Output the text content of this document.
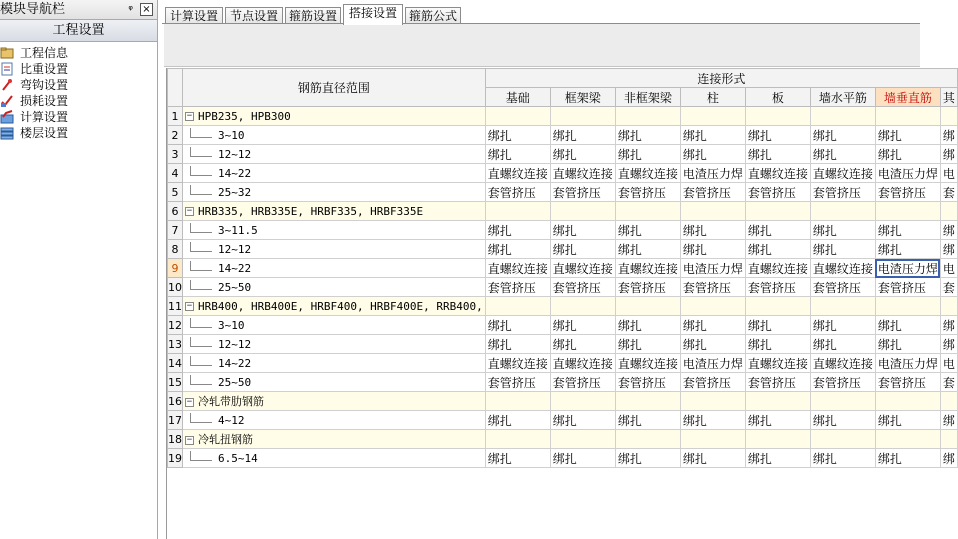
模块导航栏	ᵠ ×
工程设置
工程信息
比重设置
弯钩设置
损耗设置
计算设置
楼层设置
计算设置 节点设置 箍筋设置 搭接设置 箍筋公式
	钢筋直径范围	连接形式							
		基础	框架梁	非框架梁	柱	板	墙水平筋	墙垂直筋	其
1	− HPB235, HPB300								
2	3~10	绑扎	绑扎	绑扎	绑扎	绑扎	绑扎	绑扎	绑
3	12~12	绑扎	绑扎	绑扎	绑扎	绑扎	绑扎	绑扎	绑
4	14~22	直螺纹连接	直螺纹连接	直螺纹连接	电渣压力焊	直螺纹连接	直螺纹连接	电渣压力焊	电
5	25~32	套管挤压	套管挤压	套管挤压	套管挤压	套管挤压	套管挤压	套管挤压	套
6	− HRB335, HRB335E, HRBF335, HRBF335E								
7	3~11.5	绑扎	绑扎	绑扎	绑扎	绑扎	绑扎	绑扎	绑
8	12~12	绑扎	绑扎	绑扎	绑扎	绑扎	绑扎	绑扎	绑
9	14~22	直螺纹连接	直螺纹连接	直螺纹连接	电渣压力焊	直螺纹连接	直螺纹连接	电渣压力焊	电
10	25~50	套管挤压	套管挤压	套管挤压	套管挤压	套管挤压	套管挤压	套管挤压	套
11	− HRB400, HRB400E, HRBF400, HRBF400E, RRB400,								
12	3~10	绑扎	绑扎	绑扎	绑扎	绑扎	绑扎	绑扎	绑
13	12~12	绑扎	绑扎	绑扎	绑扎	绑扎	绑扎	绑扎	绑
14	14~22	直螺纹连接	直螺纹连接	直螺纹连接	电渣压力焊	直螺纹连接	直螺纹连接	电渣压力焊	电
15	25~50	套管挤压	套管挤压	套管挤压	套管挤压	套管挤压	套管挤压	套管挤压	套
16	− 冷轧带肋钢筋								
17	4~12	绑扎	绑扎	绑扎	绑扎	绑扎	绑扎	绑扎	绑
18	− 冷轧扭钢筋								
19	6.5~14	绑扎	绑扎	绑扎	绑扎	绑扎	绑扎	绑扎	绑
